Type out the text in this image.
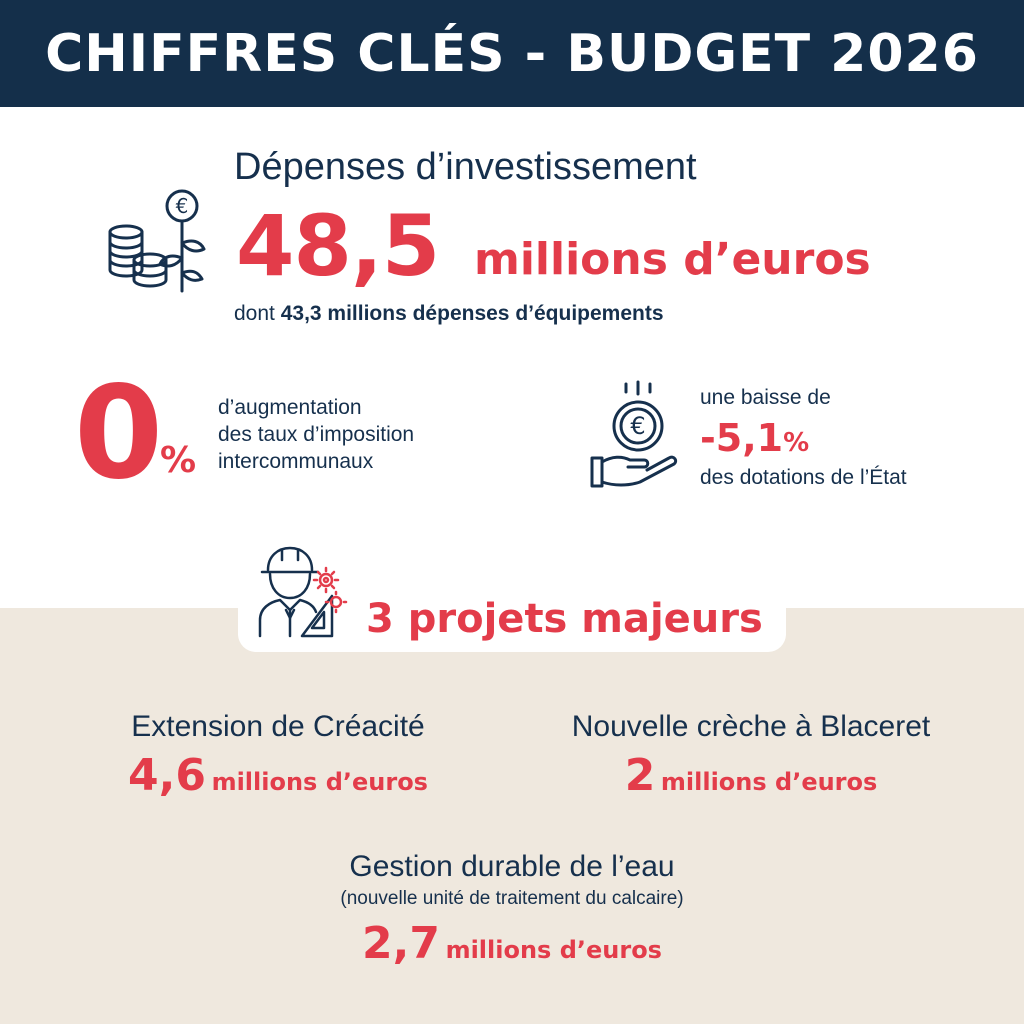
CHIFFRES CLÉS - BUDGET 2026
€
Dépenses d’investissement
48,5 millions d’euros
dont 43,3 millions dépenses d’équipements
0
%
d’augmentation
des taux d’imposition
intercommunaux
€
une baisse de
-5,1%
des dotations de l’État
3 projets majeurs
Extension de Créacité
4,6 millions d’euros
Nouvelle crèche à Blaceret
2 millions d’euros
Gestion durable de l’eau
(nouvelle unité de traitement du calcaire)
2,7 millions d’euros
